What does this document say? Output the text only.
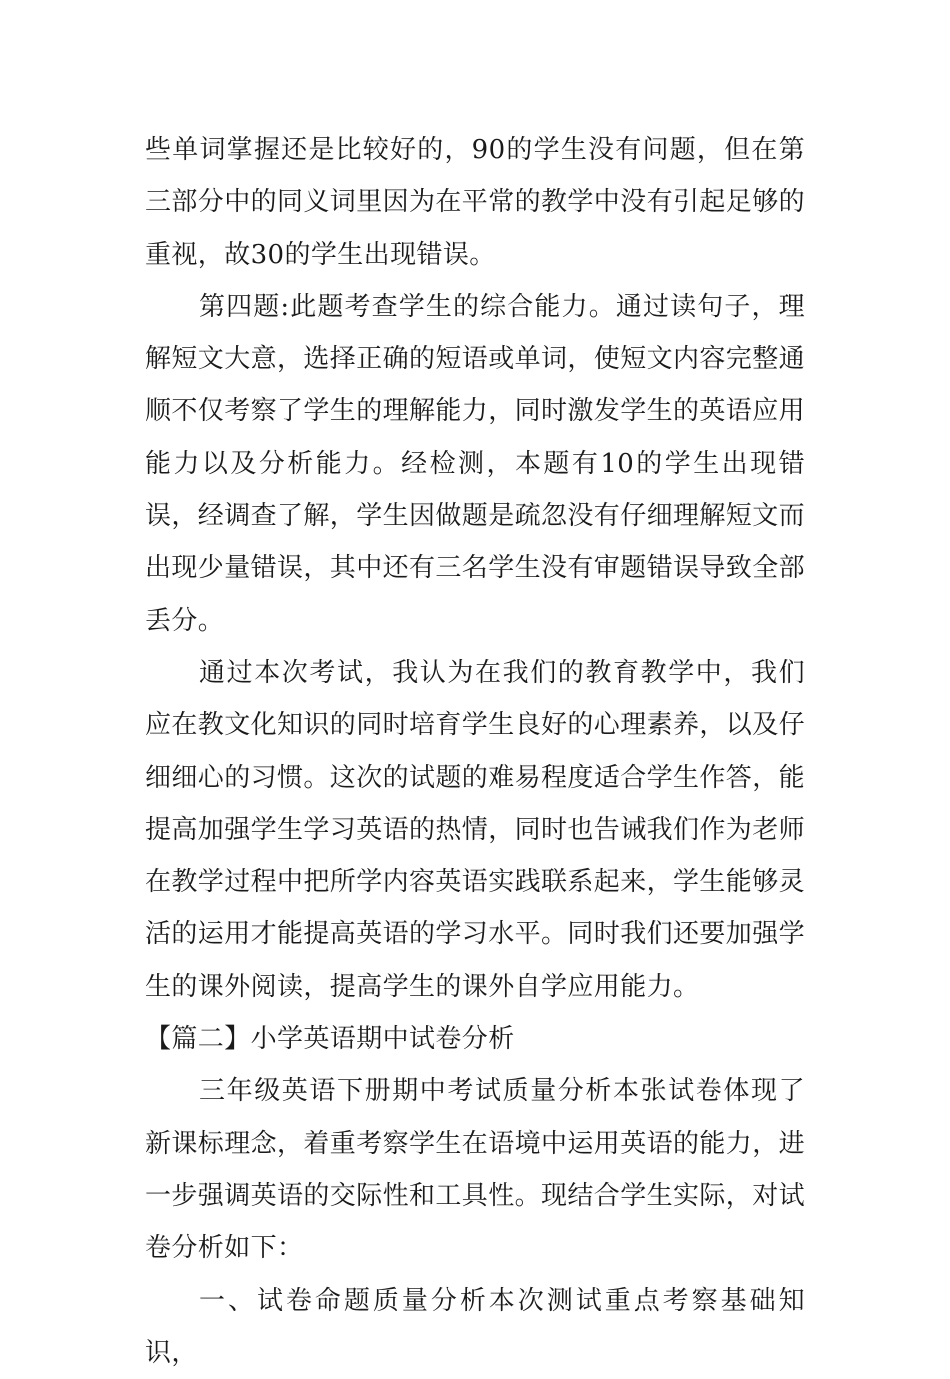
些单词掌握还是比较好的，90的学生没有问题，但在第三部分中的同义词里因为在平常的教学中没有引起足够的重视，故30的学生出现错误。

第四题:此题考查学生的综合能力。通过读句子，理解短文大意，选择正确的短语或单词，使短文内容完整通顺不仅考察了学生的理解能力，同时激发学生的英语应用能力以及分析能力。经检测，本题有10的学生出现错误，经调查了解，学生因做题是疏忽没有仔细理解短文而出现少量错误，其中还有三名学生没有审题错误导致全部丢分。

通过本次考试，我认为在我们的教育教学中，我们应在教文化知识的同时培育学生良好的心理素养，以及仔细细心的习惯。这次的试题的难易程度适合学生作答，能提高加强学生学习英语的热情，同时也告诫我们作为老师在教学过程中把所学内容英语实践联系起来，学生能够灵活的运用才能提高英语的学习水平。同时我们还要加强学生的课外阅读，提高学生的课外自学应用能力。

【篇二】小学英语期中试卷分析

三年级英语下册期中考试质量分析本张试卷体现了新课标理念，着重考察学生在语境中运用英语的能力，进一步强调英语的交际性和工具性。现结合学生实际，对试卷分析如下：

一、试卷命题质量分析本次测试重点考察基础知识，
